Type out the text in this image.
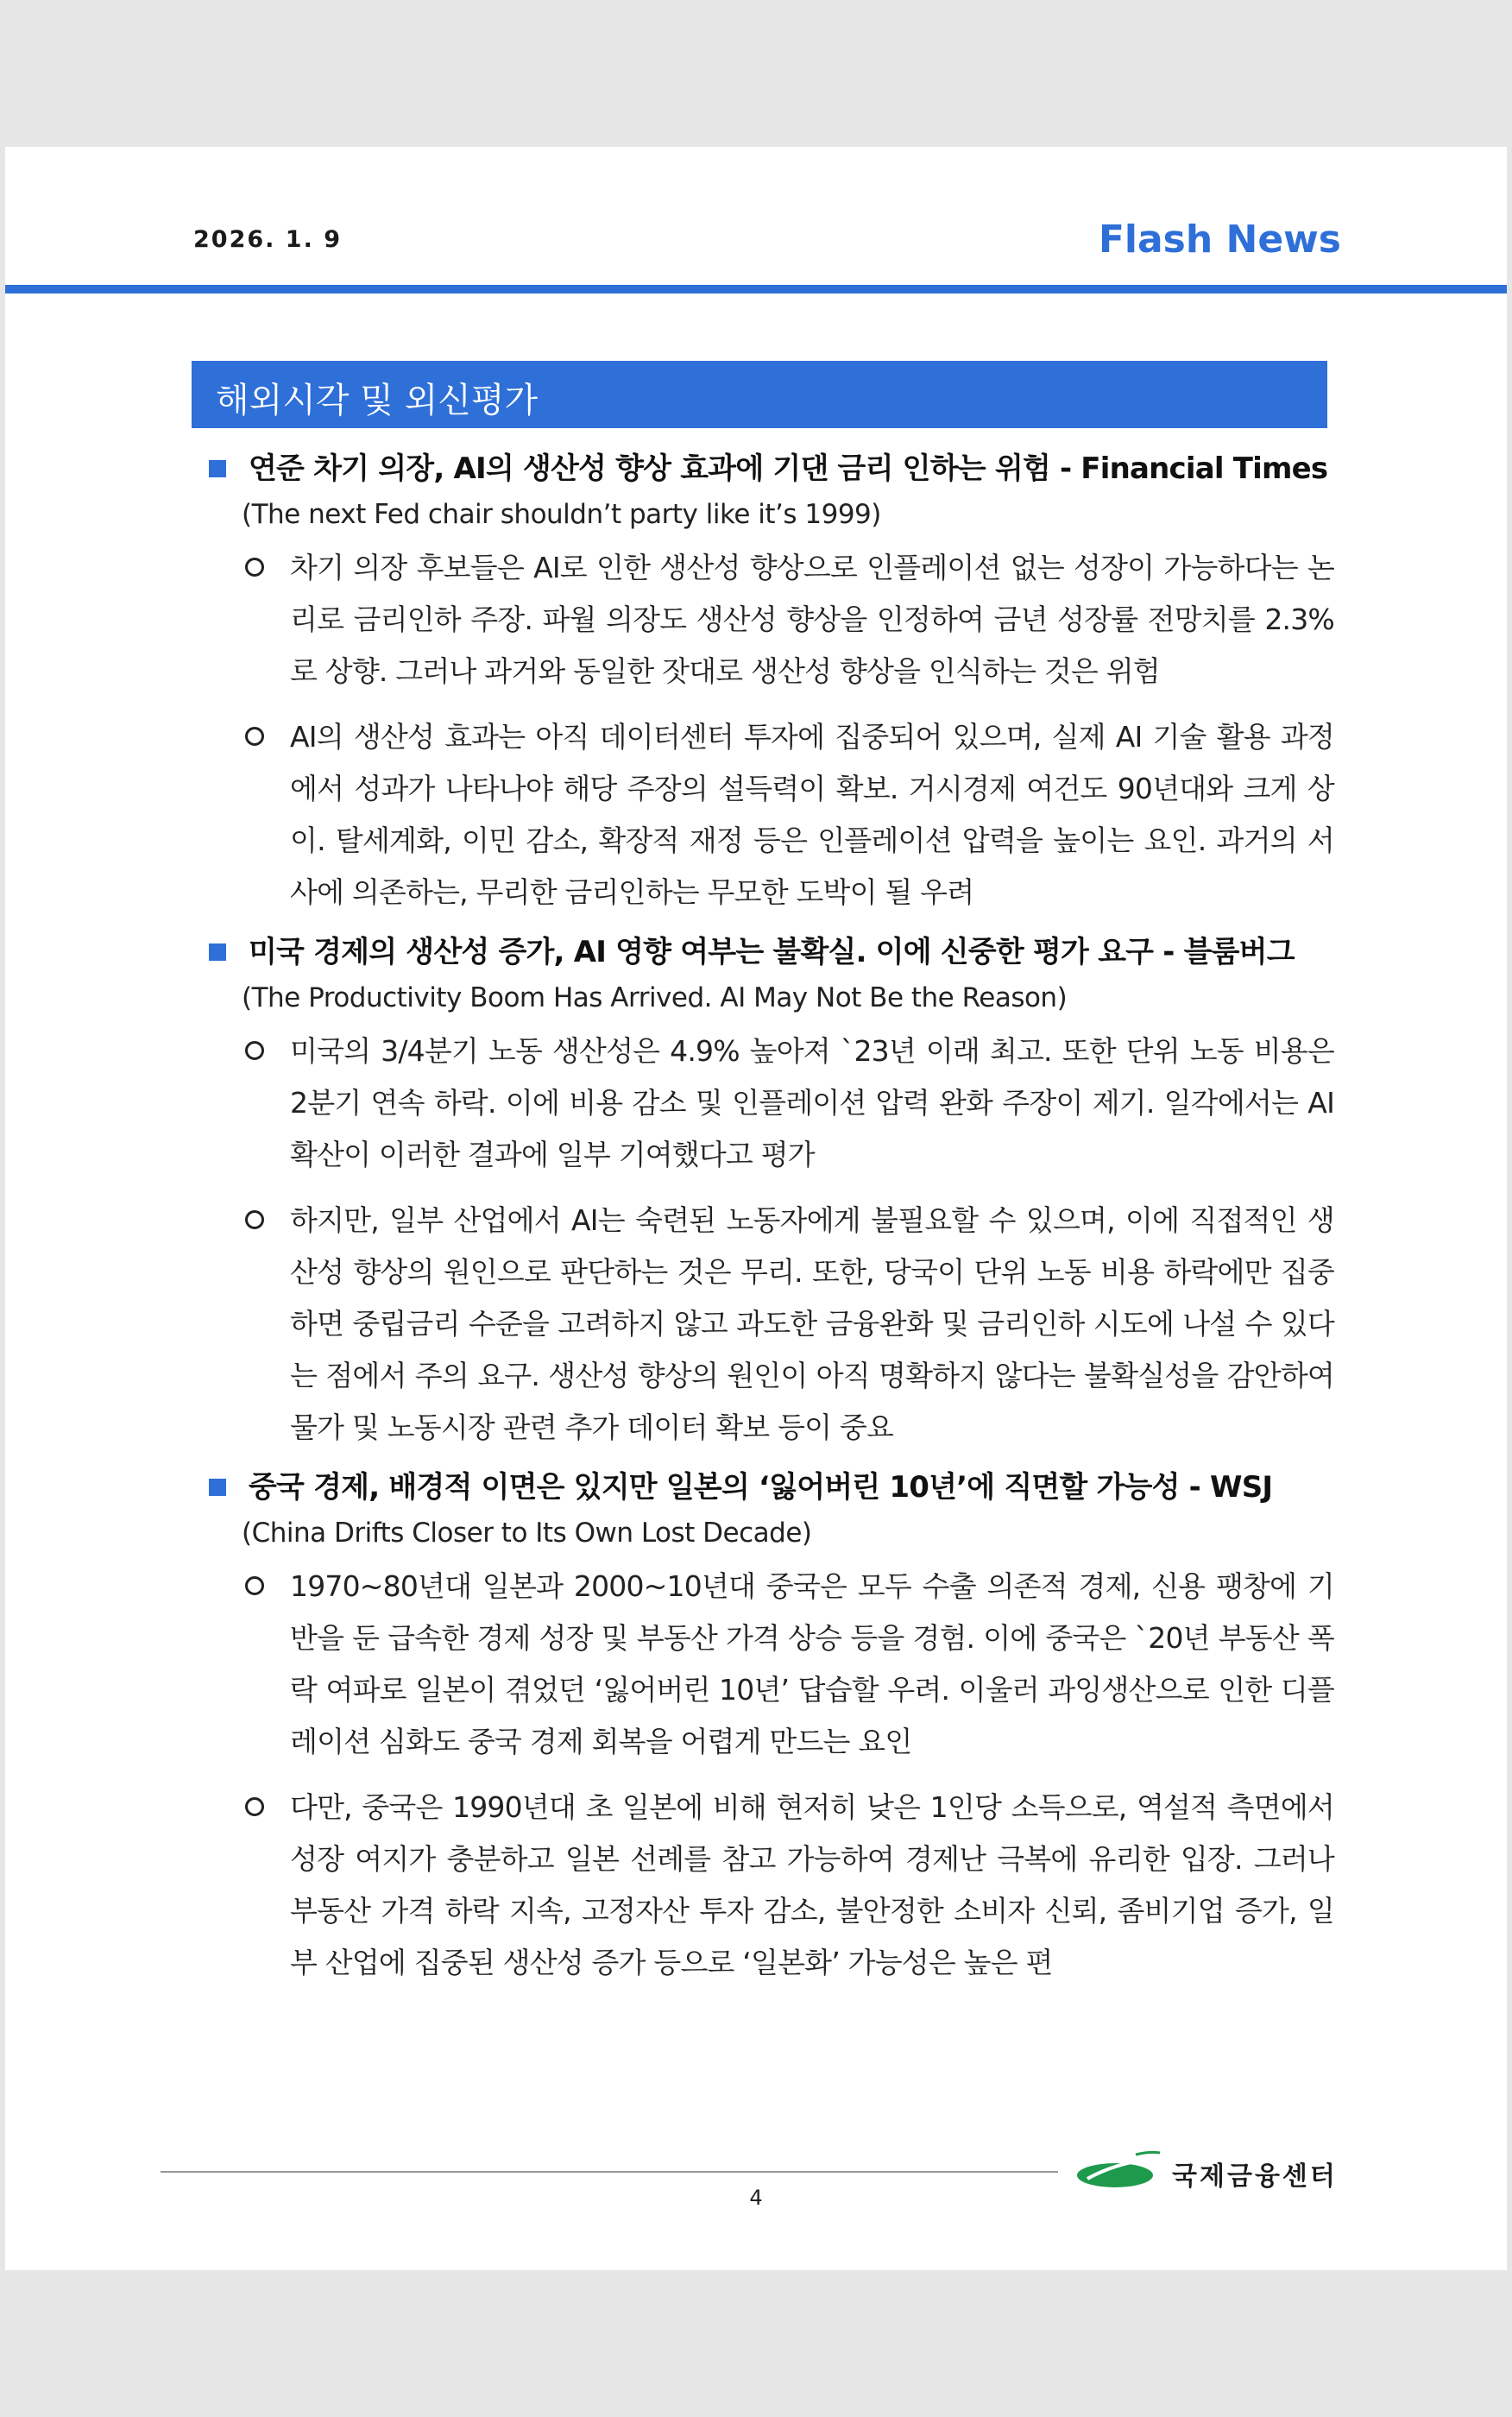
2026. 1. 9	Flash News
해외시각 및 외신평가
연준 차기 의장, AI의 생산성 향상 효과에 기댄 금리 인하는 위험 - Financial Times
(The next Fed chair shouldn’t party like it’s 1999)
차기 의장 후보들은 AI로 인한 생산성 향상으로 인플레이션 없는 성장이 가능하다는 논리로 금리인하 주장. 파월 의장도 생산성 향상을 인정하여 금년 성장률 전망치를 2.3%로 상향. 그러나 과거와 동일한 잣대로 생산성 향상을 인식하는 것은 위험
AI의 생산성 효과는 아직 데이터센터 투자에 집중되어 있으며, 실제 AI 기술 활용 과정에서 성과가 나타나야 해당 주장의 설득력이 확보. 거시경제 여건도 90년대와 크게 상이. 탈세계화, 이민 감소, 확장적 재정 등은 인플레이션 압력을 높이는 요인. 과거의 서사에 의존하는, 무리한 금리인하는 무모한 도박이 될 우려
미국 경제의 생산성 증가, AI 영향 여부는 불확실. 이에 신중한 평가 요구 - 블룸버그
(The Productivity Boom Has Arrived. AI May Not Be the Reason)
미국의 3/4분기 노동 생산성은 4.9% 높아져 `23년 이래 최고. 또한 단위 노동 비용은 2분기 연속 하락. 이에 비용 감소 및 인플레이션 압력 완화 주장이 제기. 일각에서는 AI 확산이 이러한 결과에 일부 기여했다고 평가
하지만, 일부 산업에서 AI는 숙련된 노동자에게 불필요할 수 있으며, 이에 직접적인 생산성 향상의 원인으로 판단하는 것은 무리. 또한, 당국이 단위 노동 비용 하락에만 집중하면 중립금리 수준을 고려하지 않고 과도한 금융완화 및 금리인하 시도에 나설 수 있다는 점에서 주의 요구. 생산성 향상의 원인이 아직 명확하지 않다는 불확실성을 감안하여 물가 및 노동시장 관련 추가 데이터 확보 등이 중요
중국 경제, 배경적 이면은 있지만 일본의 ‘잃어버린 10년’에 직면할 가능성 - WSJ
(China Drifts Closer to Its Own Lost Decade)
1970~80년대 일본과 2000~10년대 중국은 모두 수출 의존적 경제, 신용 팽창에 기반을 둔 급속한 경제 성장 및 부동산 가격 상승 등을 경험. 이에 중국은 `20년 부동산 폭락 여파로 일본이 겪었던 ‘잃어버린 10년’ 답습할 우려. 이울러 과잉생산으로 인한 디플레이션 심화도 중국 경제 회복을 어렵게 만드는 요인
다만, 중국은 1990년대 초 일본에 비해 현저히 낮은 1인당 소득으로, 역설적 측면에서 성장 여지가 충분하고 일본 선례를 참고 가능하여 경제난 극복에 유리한 입장. 그러나 부동산 가격 하락 지속, 고정자산 투자 감소, 불안정한 소비자 신뢰, 좀비기업 증가, 일부 산업에 집중된 생산성 증가 등으로 ‘일본화’ 가능성은 높은 편
국제금융센터
4
